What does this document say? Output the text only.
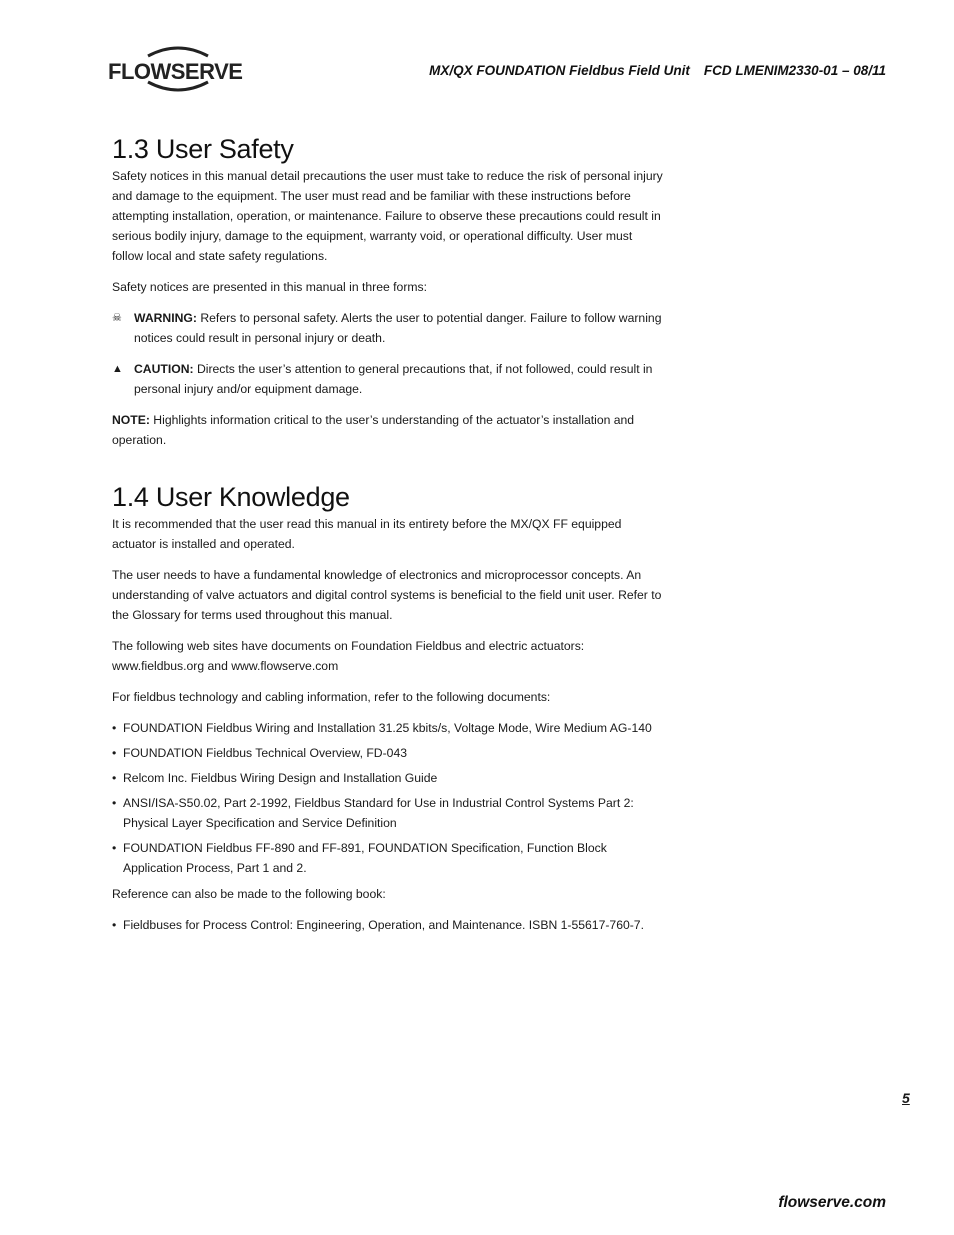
FLOWSERVE	MX/QX FOUNDATION Fieldbus Field Unit FCD LMENIM2330-01 – 08/11
1.3 User Safety

Safety notices in this manual detail precautions the user must take to reduce the risk of personal injury and damage to the equipment. The user must read and be familiar with these instructions before attempting installation, operation, or maintenance. Failure to observe these precautions could result in serious bodily injury, damage to the equipment, warranty void, or operational difficulty. User must follow local and state safety regulations.

Safety notices are presented in this manual in three forms:

☠ WARNING: Refers to personal safety. Alerts the user to potential danger. Failure to follow warning notices could result in personal injury or death.
▲ CAUTION: Directs the user’s attention to general precautions that, if not followed, could result in personal injury and/or equipment damage.

NOTE: Highlights information critical to the user’s understanding of the actuator’s installation and operation.

1.4 User Knowledge

It is recommended that the user read this manual in its entirety before the MX/QX FF equipped actuator is installed and operated.

The user needs to have a fundamental knowledge of electronics and microprocessor concepts. An understanding of valve actuators and digital control systems is beneficial to the field unit user. Refer to the Glossary for terms used throughout this manual.

The following web sites have documents on Foundation Fieldbus and electric actuators: www.fieldbus.org and www.flowserve.com

For fieldbus technology and cabling information, refer to the following documents:

• FOUNDATION Fieldbus Wiring and Installation 31.25 kbits/s, Voltage Mode, Wire Medium AG-140
• FOUNDATION Fieldbus Technical Overview, FD-043
• Relcom Inc. Fieldbus Wiring Design and Installation Guide
• ANSI/ISA-S50.02, Part 2-1992, Fieldbus Standard for Use in Industrial Control Systems Part 2: Physical Layer Specification and Service Definition
• FOUNDATION Fieldbus FF-890 and FF-891, FOUNDATION Specification, Function Block Application Process, Part 1 and 2.

Reference can also be made to the following book:

• Fieldbuses for Process Control: Engineering, Operation, and Maintenance. ISBN 1-55617-760-7.
5
flowserve.com
